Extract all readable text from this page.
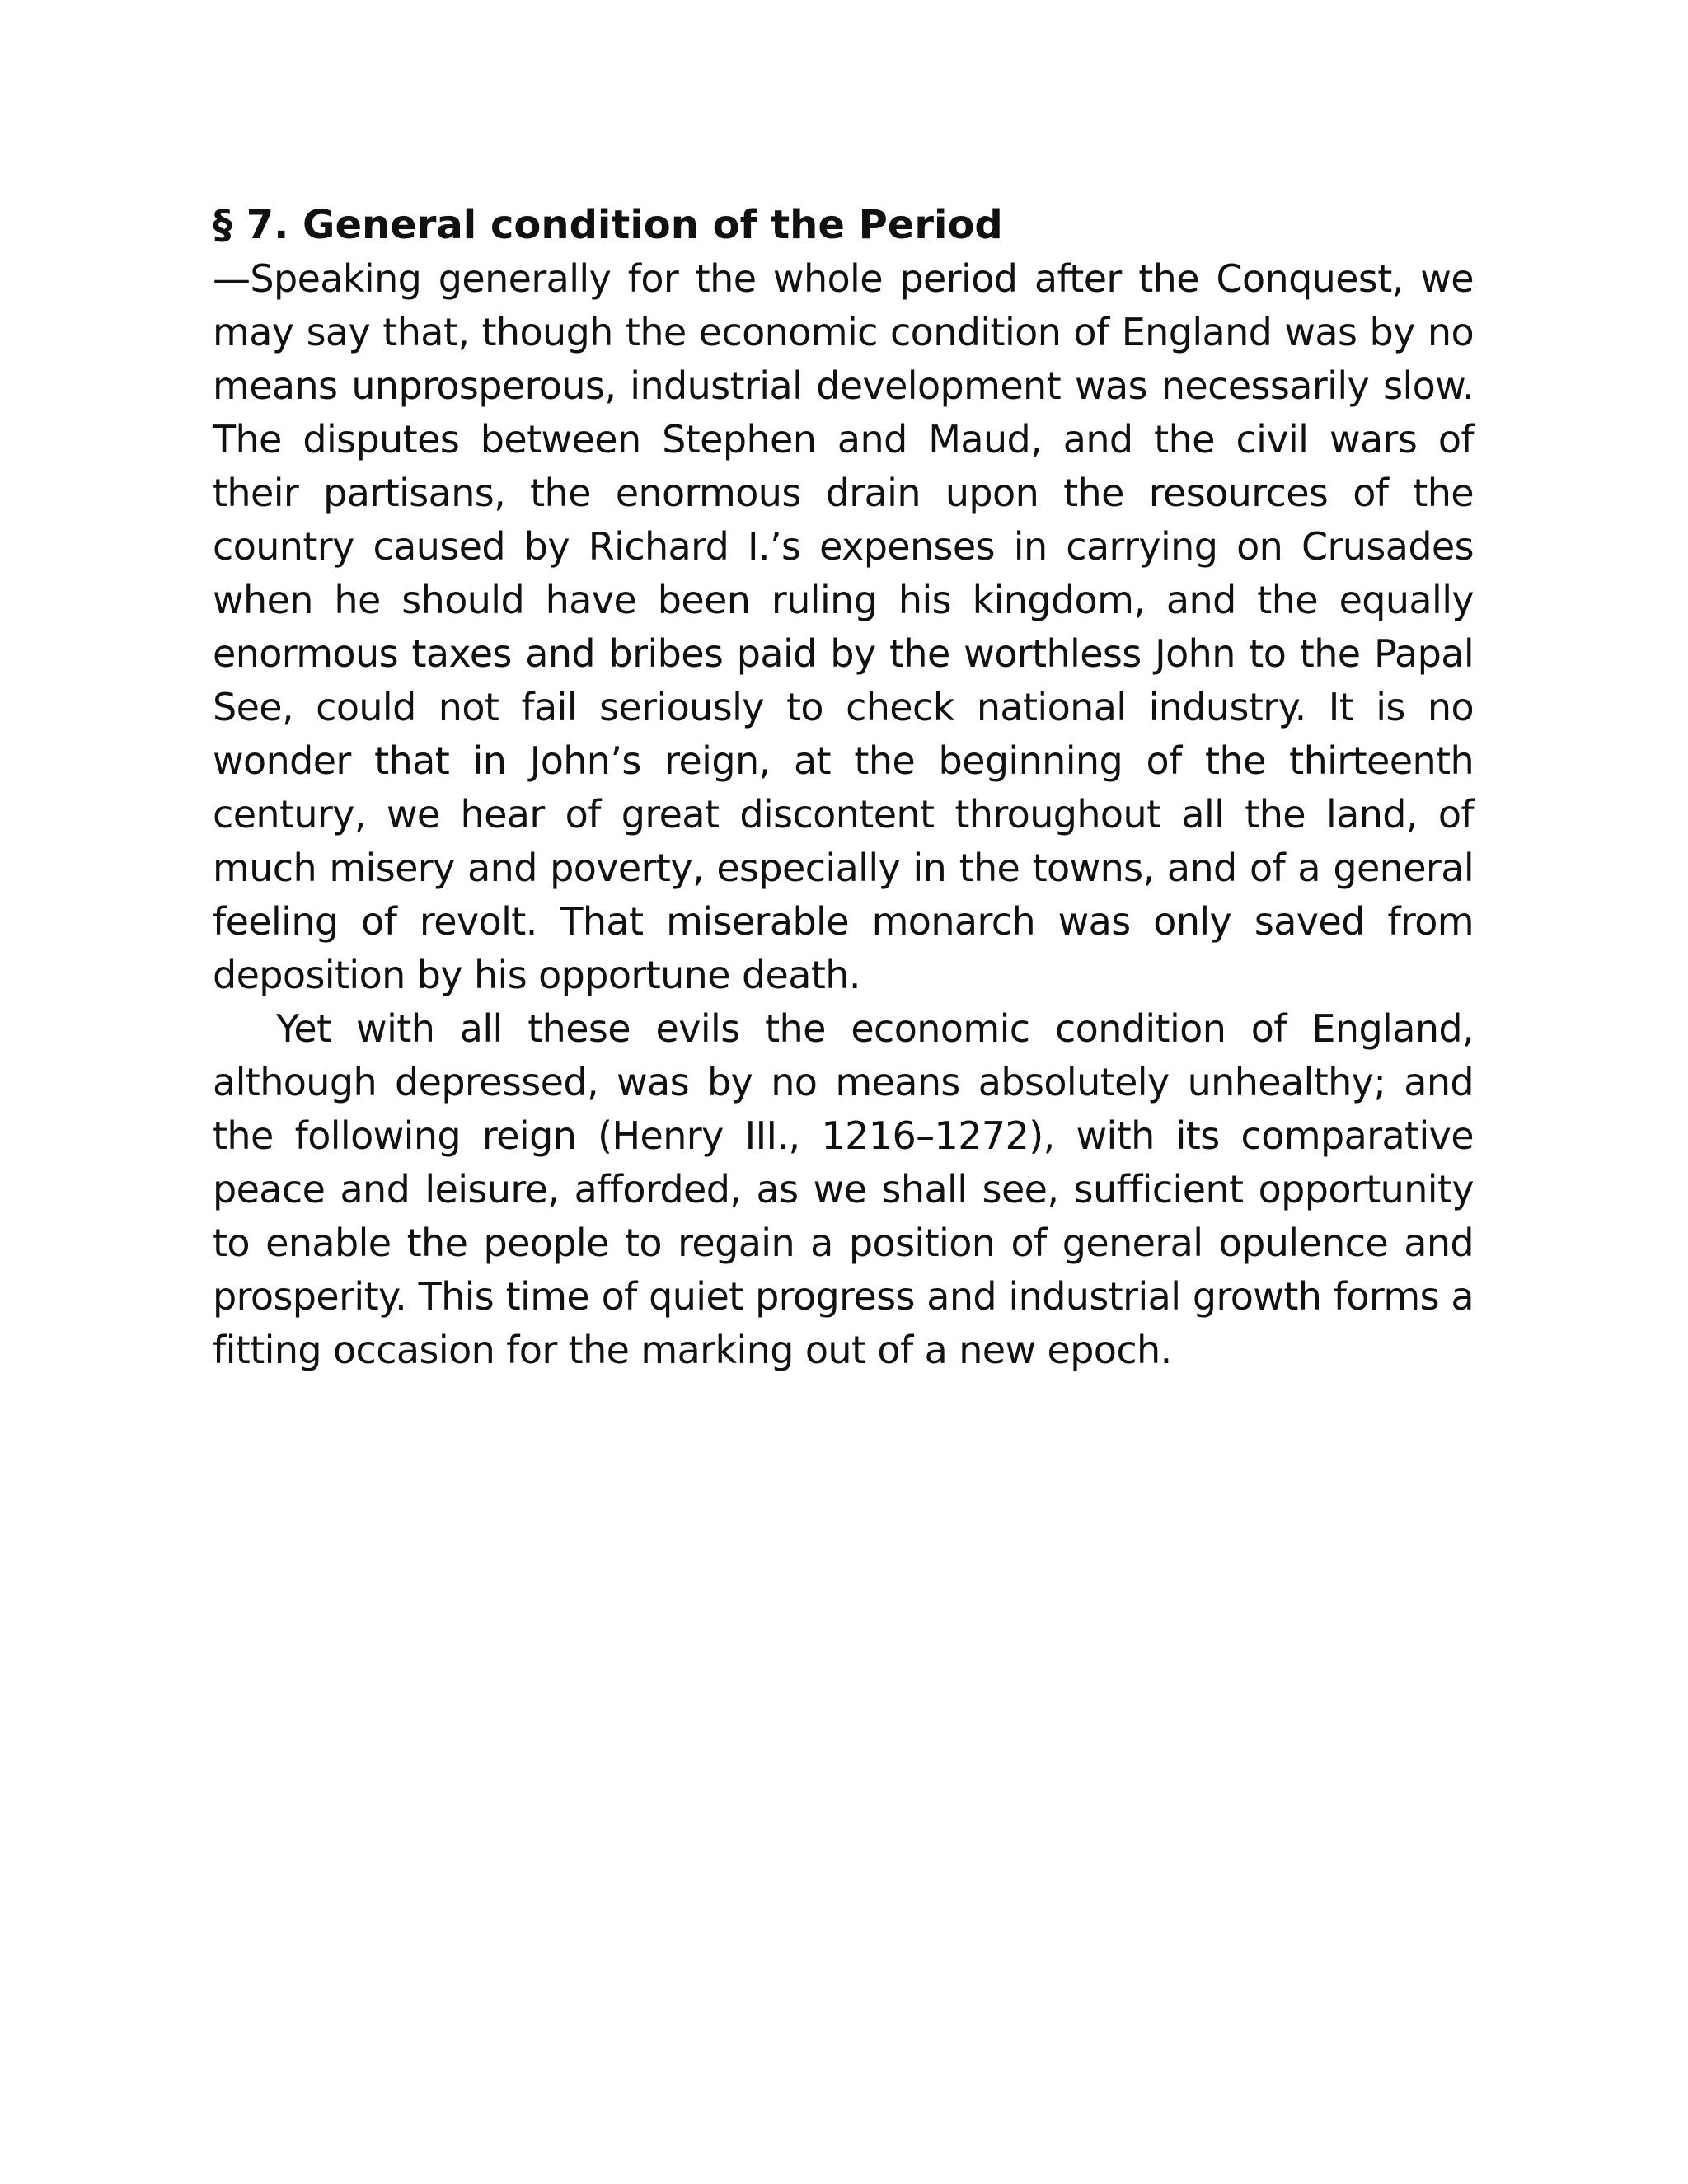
§ 7. General condition of the Period

—Speaking generally for the whole period after the Conquest, we may say that, though the economic condition of England was by no means unprosperous, industrial development was necessarily slow. The disputes between Stephen and Maud, and the civil wars of their partisans, the enormous drain upon the resources of the country caused by Richard I.’s expenses in carrying on Crusades when he should have been ruling his kingdom, and the equally enormous taxes and bribes paid by the worthless John to the Papal See, could not fail seriously to check national industry. It is no wonder that in John’s reign, at the beginning of the thirteenth century, we hear of great discontent throughout all the land, of much misery and poverty, especially in the towns, and of a general feeling of revolt. That miserable monarch was only saved from deposition by his opportune death.

Yet with all these evils the economic condition of England, although depressed, was by no means absolutely unhealthy; and the following reign (Henry III., 1216–1272), with its comparative peace and leisure, afforded, as we shall see, sufficient opportunity to enable the people to regain a position of general opulence and prosperity. This time of quiet progress and industrial growth forms a fitting occasion for the marking out of a new epoch.
